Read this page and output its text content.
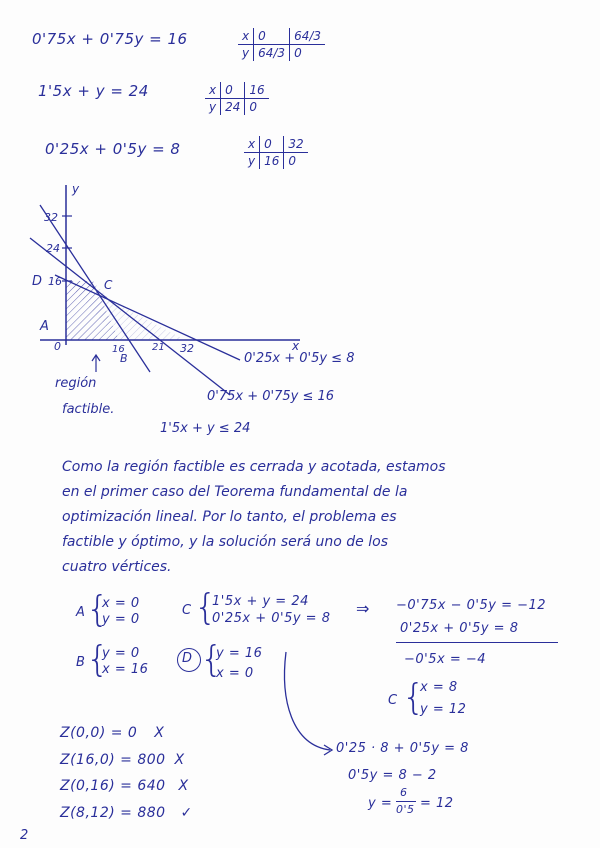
0'75x + 0'75y = 16	x	0	64/3
y	64/3	0
1'5x + y = 24	x	0	16
y	24	0
0'25x + 0'5y = 8	x	0	32
y	16	0
32
24
16
16	21 32
0
y
x
A
B
C
D
0'25x + 0'5y ≤ 8
0'75x + 0'75y ≤ 16
1'5x + y ≤ 24
región
factible.
Como la región factible es cerrada y acotada, estamos
en el primer caso del Teorema fundamental de la
optimización lineal. Por lo tanto, el problema es
factible y óptimo, y la solución será uno de los
cuatro vértices.
A {
x = 0
y = 0
C {
1'5x + y = 24
0'25x + 0'5y = 8
⇒ −0'75x − 0'5y = −12
0'25x + 0'5y = 8
−0'5x = −4
B {
y = 0
x = 16
D {
y = 16
x = 0
C {
x = 8
y = 12
0'25 · 8 + 0'5y = 8
0'5y = 8 − 2
y =
6
0'5 = 12
Z(0,0) = 0 X
Z(16,0) = 800 X
Z(0,16) = 640 X
Z(8,12) = 880 ✓
2
